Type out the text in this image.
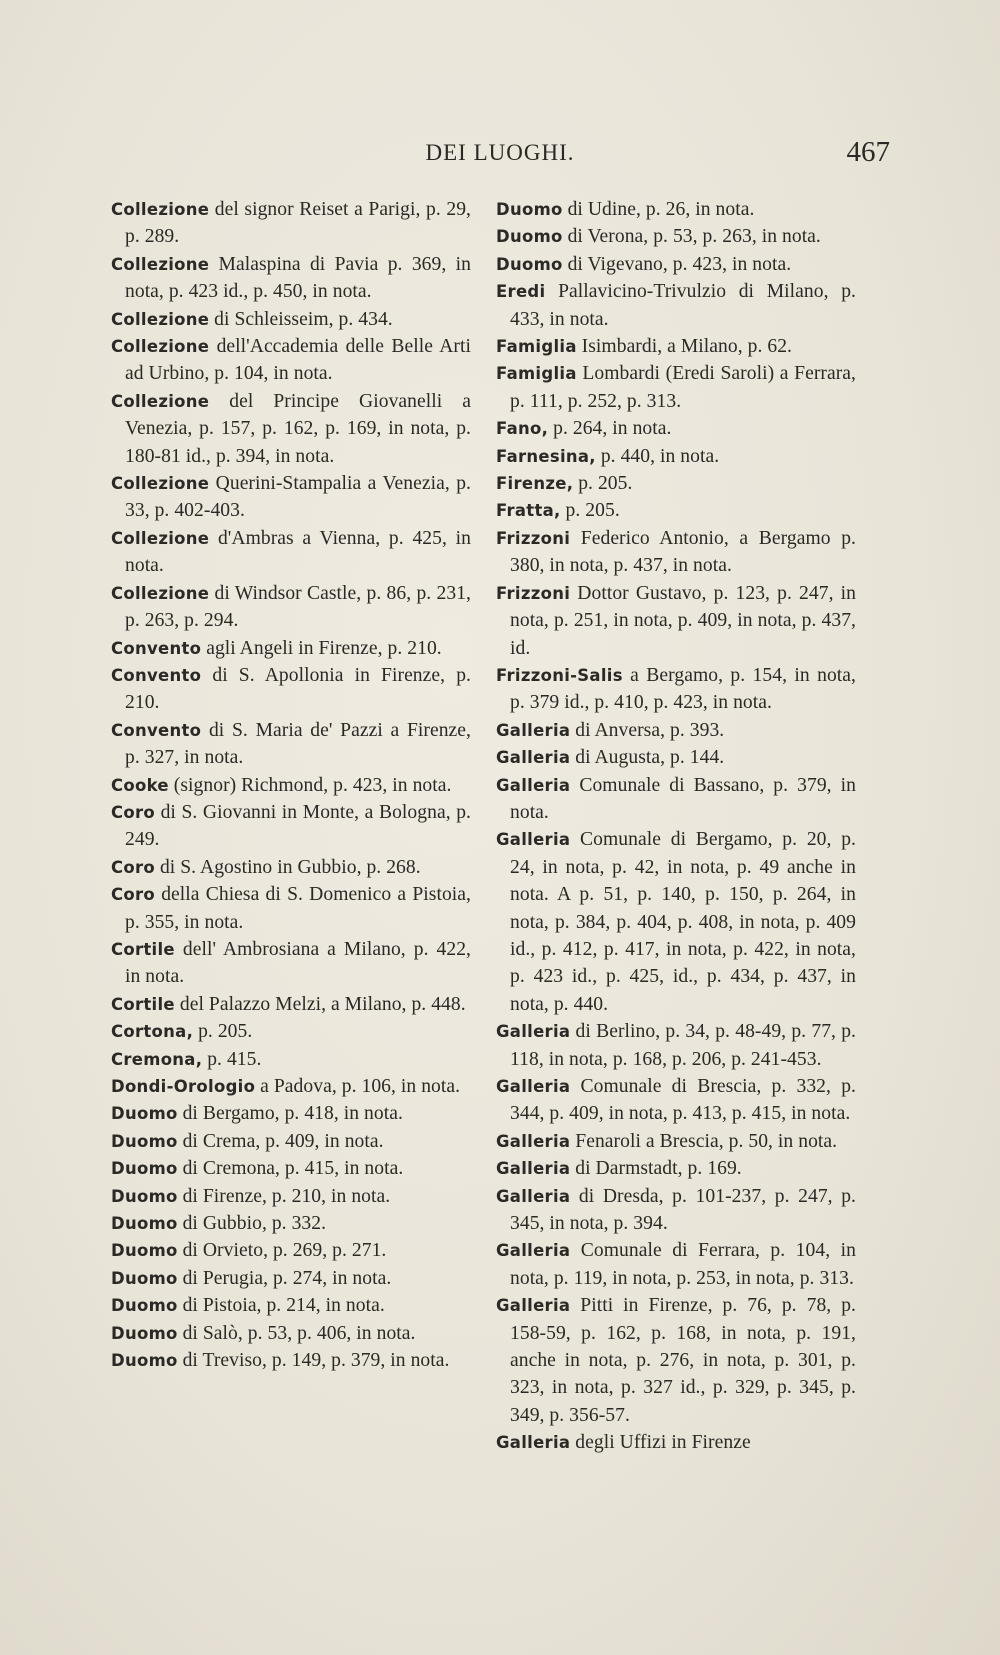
DEI LUOGHI.	467
Collezione del signor Reiset a Parigi, p. 29, p. 289.
Collezione Malaspina di Pavia p. 369, in nota, p. 423 id., p. 450, in nota.
Collezione di Schleisseim, p. 434.
Collezione dell'Accademia delle Belle Arti ad Urbino, p. 104, in nota.
Collezione del Principe Giovanelli a Venezia, p. 157, p. 162, p. 169, in nota, p. 180-81 id., p. 394, in nota.
Collezione Querini-Stampalia a Venezia, p. 33, p. 402-403.
Collezione d'Ambras a Vienna, p. 425, in nota.
Collezione di Windsor Castle, p. 86, p. 231, p. 263, p. 294.
Convento agli Angeli in Firenze, p. 210.
Convento di S. Apollonia in Firenze, p. 210.
Convento di S. Maria de' Pazzi a Firenze, p. 327, in nota.
Cooke (signor) Richmond, p. 423, in nota.
Coro di S. Giovanni in Monte, a Bologna, p. 249.
Coro di S. Agostino in Gubbio, p. 268.
Coro della Chiesa di S. Domenico a Pistoia, p. 355, in nota.
Cortile dell' Ambrosiana a Milano, p. 422, in nota.
Cortile del Palazzo Melzi, a Milano, p. 448.
Cortona, p. 205.
Cremona, p. 415.
Dondi-Orologio a Padova, p. 106, in nota.
Duomo di Bergamo, p. 418, in nota.
Duomo di Crema, p. 409, in nota.
Duomo di Cremona, p. 415, in nota.
Duomo di Firenze, p. 210, in nota.
Duomo di Gubbio, p. 332.
Duomo di Orvieto, p. 269, p. 271.
Duomo di Perugia, p. 274, in nota.
Duomo di Pistoia, p. 214, in nota.
Duomo di Salò, p. 53, p. 406, in nota.
Duomo di Treviso, p. 149, p. 379, in nota.
Duomo di Udine, p. 26, in nota.
Duomo di Verona, p. 53, p. 263, in nota.
Duomo di Vigevano, p. 423, in nota.
Eredi Pallavicino-Trivulzio di Milano, p. 433, in nota.
Famiglia Isimbardi, a Milano, p. 62.
Famiglia Lombardi (Eredi Saroli) a Ferrara, p. 111, p. 252, p. 313.
Fano, p. 264, in nota.
Farnesina, p. 440, in nota.
Firenze, p. 205.
Fratta, p. 205.
Frizzoni Federico Antonio, a Bergamo p. 380, in nota, p. 437, in nota.
Frizzoni Dottor Gustavo, p. 123, p. 247, in nota, p. 251, in nota, p. 409, in nota, p. 437, id.
Frizzoni-Salis a Bergamo, p. 154, in nota, p. 379 id., p. 410, p. 423, in nota.
Galleria di Anversa, p. 393.
Galleria di Augusta, p. 144.
Galleria Comunale di Bassano, p. 379, in nota.
Galleria Comunale di Bergamo, p. 20, p. 24, in nota, p. 42, in nota, p. 49 anche in nota. A p. 51, p. 140, p. 150, p. 264, in nota, p. 384, p. 404, p. 408, in nota, p. 409 id., p. 412, p. 417, in nota, p. 422, in nota, p. 423 id., p. 425, id., p. 434, p. 437, in nota, p. 440.
Galleria di Berlino, p. 34, p. 48-49, p. 77, p. 118, in nota, p. 168, p. 206, p. 241-453.
Galleria Comunale di Brescia, p. 332, p. 344, p. 409, in nota, p. 413, p. 415, in nota.
Galleria Fenaroli a Brescia, p. 50, in nota.
Galleria di Darmstadt, p. 169.
Galleria di Dresda, p. 101-237, p. 247, p. 345, in nota, p. 394.
Galleria Comunale di Ferrara, p. 104, in nota, p. 119, in nota, p. 253, in nota, p. 313.
Galleria Pitti in Firenze, p. 76, p. 78, p. 158-59, p. 162, p. 168, in nota, p. 191, anche in nota, p. 276, in nota, p. 301, p. 323, in nota, p. 327 id., p. 329, p. 345, p. 349, p. 356-57.
Galleria degli Uffizi in Firenze
